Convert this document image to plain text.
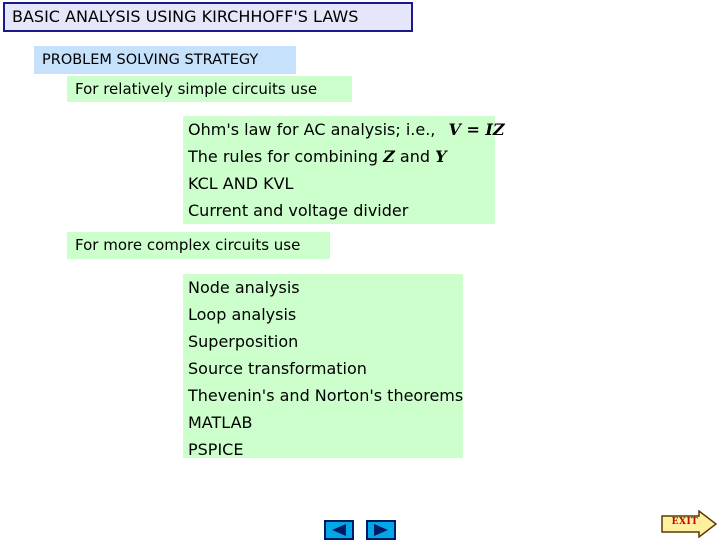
BASIC ANALYSIS USING KIRCHHOFF'S LAWS
PROBLEM SOLVING STRATEGY
For relatively simple circuits use
Ohm's law for AC analysis; i.e., V = IZ
The rules for combining Z and Y
KCL AND KVL
Current and voltage divider
For more complex circuits use
Node analysis
Loop analysis
Superposition
Source transformation
Thevenin's and Norton's theorems
MATLAB
PSPICE
EXIT
